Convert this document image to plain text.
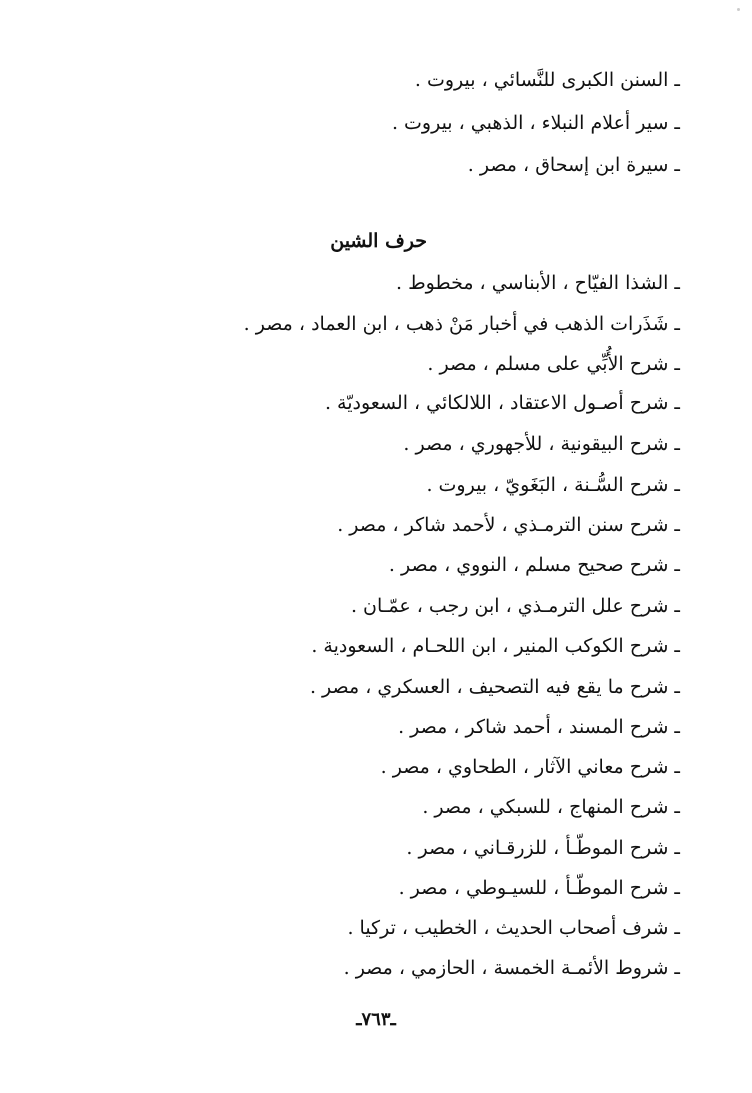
ـ السنن الكبرى للنَّسائي ، بيروت .
ـ سير أعلام النبلاء ، الذهبي ، بيروت .
ـ سيرة ابن إسحاق ، مصر .
حرف الشين
ـ الشذا الفيّاح ، الأبناسي ، مخطوط .
ـ شَذَرات الذهب في أخبار مَنْ ذهب ، ابن العماد ، مصر .
ـ شرح الأُبِّي على مسلم ، مصر .
ـ شرح أصـول الاعتقاد ، اللالكائي ، السعوديّة .
ـ شرح البيقونية ، للأجهوري ، مصر .
ـ شرح السُّـنة ، البَغَويّ ، بيروت .
ـ شرح سنن الترمـذي ، لأحمد شاكر ، مصر .
ـ شرح صحيح مسلم ، النووي ، مصر .
ـ شرح علل الترمـذي ، ابن رجب ، عمّـان .
ـ شرح الكوكب المنير ، ابن اللحـام ، السعودية .
ـ شرح ما يقع فيه التصحيف ، العسكري ، مصر .
ـ شرح المسند ، أحمد شاكر ، مصر .
ـ شرح معاني الآثار ، الطحاوي ، مصر .
ـ شرح المنهاج ، للسبكي ، مصر .
ـ شرح الموطّـأ ، للزرقـاني ، مصر .
ـ شرح الموطّـأ ، للسيـوطي ، مصر .
ـ شرف أصحاب الحديث ، الخطيب ، تركيا .
ـ شروط الأئمـة الخمسة ، الحازمي ، مصر .
ـ٧٦٣ـ
